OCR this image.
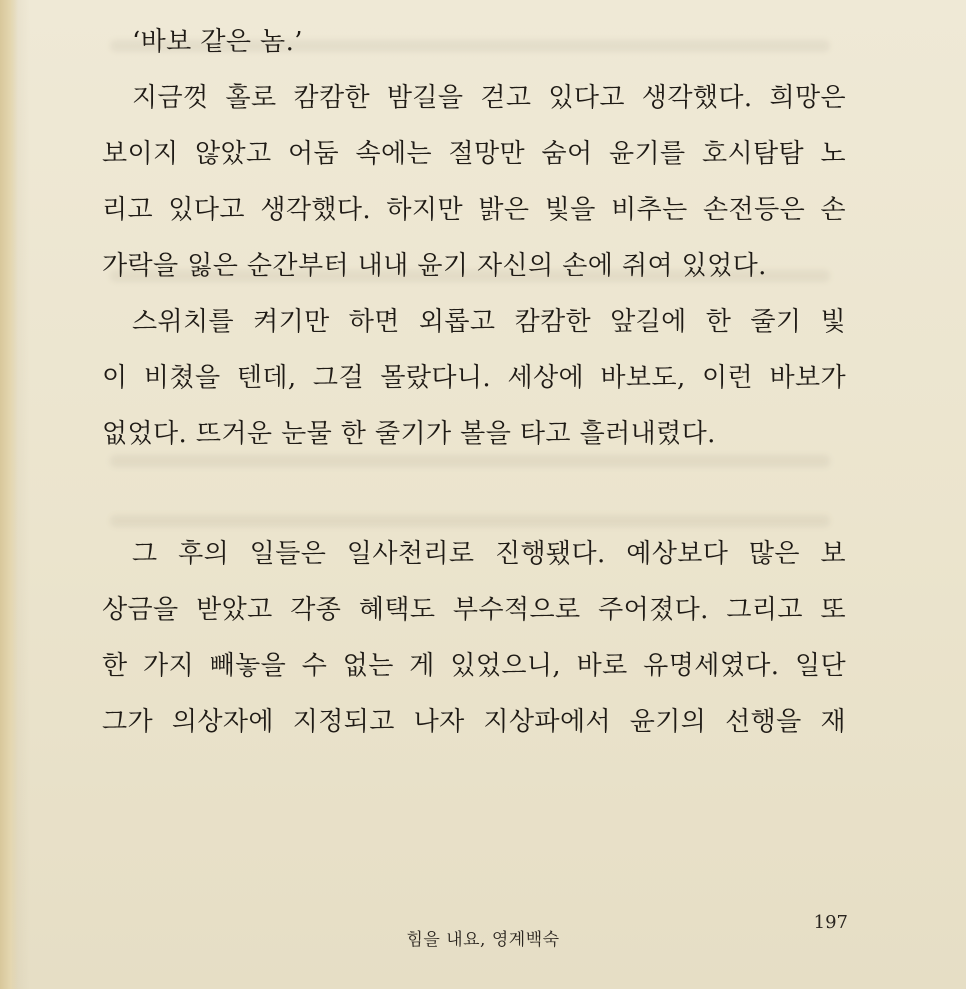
‘바보 같은 놈.’
지금껏 홀로 캄캄한 밤길을 걷고 있다고 생각했다. 희망은
보이지 않았고 어둠 속에는 절망만 숨어 윤기를 호시탐탐 노
리고 있다고 생각했다. 하지만 밝은 빛을 비추는 손전등은 손
가락을 잃은 순간부터 내내 윤기 자신의 손에 쥐여 있었다.
스위치를 켜기만 하면 외롭고 캄캄한 앞길에 한 줄기 빛
이 비쳤을 텐데, 그걸 몰랐다니. 세상에 바보도, 이런 바보가
없었다. 뜨거운 눈물 한 줄기가 볼을 타고 흘러내렸다.
그 후의 일들은 일사천리로 진행됐다. 예상보다 많은 보
상금을 받았고 각종 혜택도 부수적으로 주어졌다. 그리고 또
한 가지 빼놓을 수 없는 게 있었으니, 바로 유명세였다. 일단
그가 의상자에 지정되고 나자 지상파에서 윤기의 선행을 재
힘을 내요, 영계백숙
197
